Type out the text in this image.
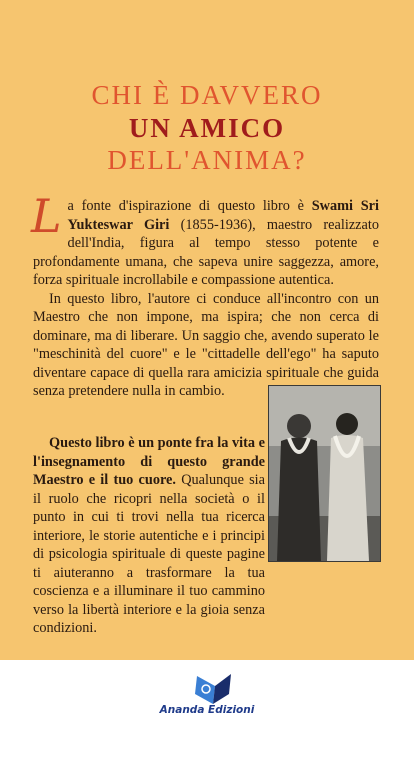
CHI È DAVVERO
UN AMICO
DELL'ANIMA?
La fonte d'ispirazione di questo libro è Swami Sri Yukteswar Giri (1855-1936), maestro realizzato dell'India, figura al tempo stesso potente e profondamente umana, che sapeva unire saggezza, amore, forza spirituale incrollabile e compassione autentica.
In questo libro, l'autore ci conduce all'incontro con un Maestro che non impone, ma ispira; che non cerca di dominare, ma di liberare. Un saggio che, avendo superato le "meschinità del cuore" e le "cittadelle dell'ego" ha saputo diventare capace di quella rara amicizia spirituale che guida senza pretendere nulla in cambio.
Questo libro è un ponte fra la vita e l'insegnamento di questo grande Maestro e il tuo cuore. Qualunque sia il ruolo che ricopri nella società o il punto in cui ti trovi nella tua ricerca interiore, le storie autentiche e i principi di psicologia spirituale di queste pagine ti aiuteranno a trasformare la tua coscienza e a illuminare il tuo cammino verso la libertà interiore e la gioia senza condizioni.
Ananda Edizioni
